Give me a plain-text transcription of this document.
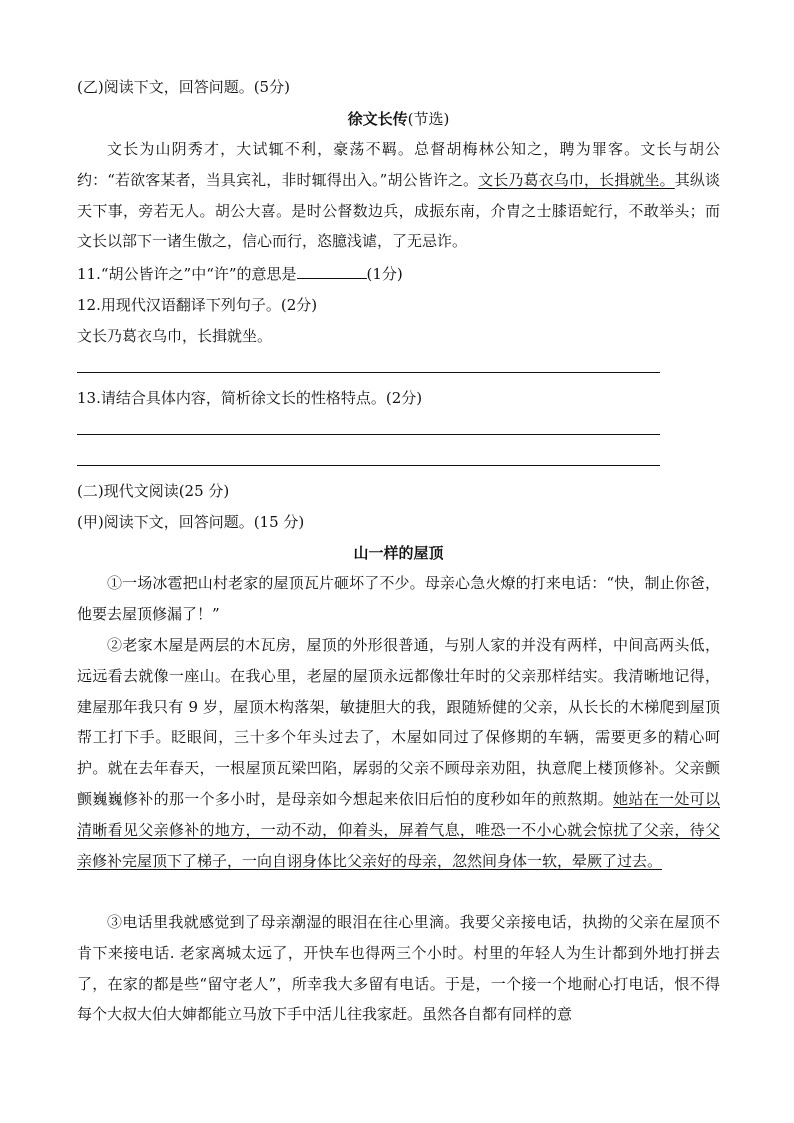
(乙)阅读下文，回答问题。(5分)
徐文长传(节选)
文长为山阴秀才，大试辄不利，豪荡不羁。总督胡梅林公知之，聘为罪客。文长与胡公约：“若欲客某者，当具宾礼，非时辄得出入。”胡公皆许之。文长乃葛衣乌巾，长揖就坐。其纵谈天下事，旁若无人。胡公大喜。是时公督数边兵，成振东南，介胄之士膝语蛇行，不敢举头；而文长以部下一诸生傲之，信心而行，恣臆浅谑，了无忌诈。
11.“胡公皆许之”中“许”的意思是	(1分)
12.用现代汉语翻译下列句子。(2分)
文长乃葛衣乌巾，长揖就坐。
13.请结合具体内容，简析徐文长的性格特点。(2分)
(二)现代文阅读(25 分)
(甲)阅读下文，回答问题。(15 分)
山一样的屋顶
①一场冰雹把山村老家的屋顶瓦片砸坏了不少。母亲心急火燎的打来电话：“快，制止你爸，他要去屋顶修漏了！”
②老家木屋是两层的木瓦房，屋顶的外形很普通，与别人家的并没有两样，中间高两头低，远远看去就像一座山。在我心里，老屋的屋顶永远都像壮年时的父亲那样结实。我清晰地记得，建屋那年我只有 9 岁，屋顶木构落架，敏捷胆大的我，跟随矫健的父亲，从长长的木梯爬到屋顶帮工打下手。眨眼间，三十多个年头过去了，木屋如同过了保修期的车辆，需要更多的精心呵护。就在去年春天，一根屋顶瓦梁凹陷，孱弱的父亲不顾母亲劝阻，执意爬上楼顶修补。父亲颤颤巍巍修补的那一个多小时，是母亲如今想起来依旧后怕的度秒如年的煎熬期。她站在一处可以清晰看见父亲修补的地方，一动不动，仰着头，屏着气息，唯恐一不小心就会惊扰了父亲，待父亲修补完屋顶下了梯子，一向自诩身体比父亲好的母亲，忽然间身体一软，晕厥了过去。
③电话里我就感觉到了母亲潮湿的眼泪在往心里滴。我要父亲接电话，执拗的父亲在屋顶不肯下来接电话. 老家离城太远了，开快车也得两三个小时。村里的年轻人为生计都到外地打拼去了，在家的都是些“留守老人”，所幸我大多留有电话。于是，一个接一个地耐心打电话，恨不得每个大叔大伯大婶都能立马放下手中活儿往我家赶。虽然各自都有同样的意
